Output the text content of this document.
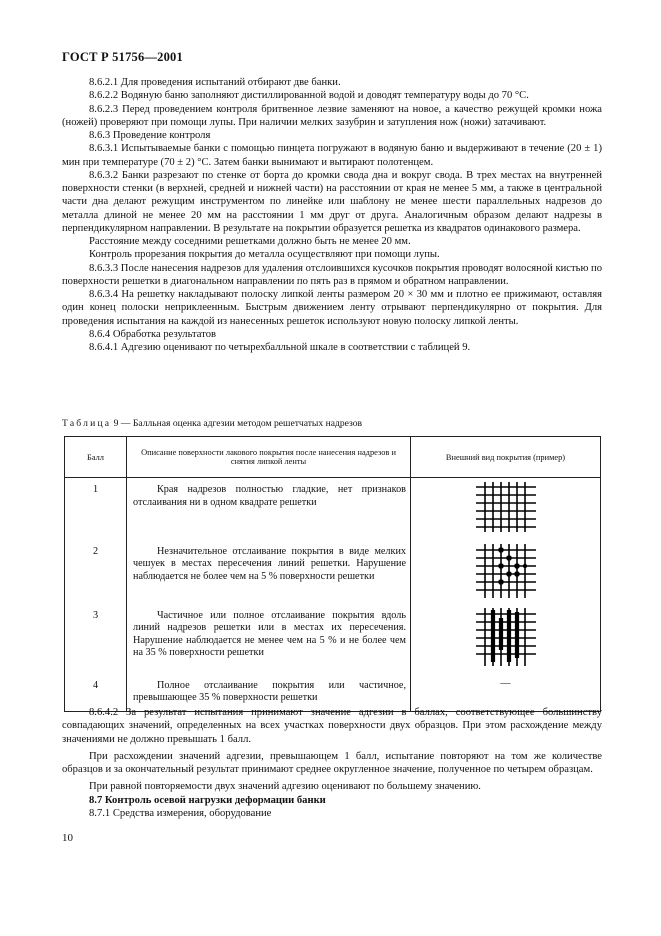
ГОСТ Р 51756—2001

8.6.2.1 Для проведения испытаний отбирают две банки.

8.6.2.2 Водяную баню заполняют дистиллированной водой и доводят температуру воды до 70 °С.

8.6.2.3 Перед проведением контроля бритвенное лезвие заменяют на новое, а качество режущей кромки ножа (ножей) проверяют при помощи лупы. При наличии мелких зазубрин и затупления нож (ножи) затачивают.

8.6.3 Проведение контроля

8.6.3.1 Испытываемые банки с помощью пинцета погружают в водяную баню и выдерживают в течение (20 ± 1) мин при температуре (70 ± 2) °С. Затем банки вынимают и вытирают полотенцем.

8.6.3.2 Банки разрезают по стенке от борта до кромки свода дна и вокруг свода. В трех местах на внутренней поверхности стенки (в верхней, средней и нижней части) на расстоянии от края не менее 5 мм, а также в центральной части дна делают режущим инструментом по линейке или шаблону не менее шести параллельных надрезов до металла длиной не менее 20 мм на расстоянии 1 мм друг от друга. Аналогичным образом делают надрезы в перпендикулярном направлении. В результате на покрытии образуется решетка из квадратов одинакового размера.

Расстояние между соседними решетками должно быть не менее 20 мм.

Контроль прорезания покрытия до металла осуществляют при помощи лупы.

8.6.3.3 После нанесения надрезов для удаления отслоившихся кусочков покрытия проводят волосяной кистью по поверхности решетки в диагональном направлении по пять раз в прямом и обратном направлении.

8.6.3.4 На решетку накладывают полоску липкой ленты размером 20 × 30 мм и плотно ее прижимают, оставляя один конец полоски неприклеенным. Быстрым движением ленту отрывают перпендикулярно от покрытия. Для проведения испытания на каждой из нанесенных решеток используют новую полоску липкой ленты.

8.6.4 Обработка результатов

8.6.4.1 Адгезию оценивают по четырехбалльной шкале в соответствии с таблицей 9.

Таблица 9 — Балльная оценка адгезии методом решетчатых надрезов
Балл	Описание поверхности лакового покрытия после нанесения надрезов и снятия липкой ленты	Внешний вид покрытия (пример)
1	Края надрезов полностью гладкие, нет признаков отслаивания ни в одном квадрате решетки	

2	Незначительное отслаивание покрытия в виде мелких чешуек в местах пересечения линий решетки. Нарушение наблюдается не более чем на 5 % поверхности решетки	

3	Частичное или полное отслаивание покрытия вдоль линий надрезов решетки или в местах их пересечения. Нарушение наблюдается не менее чем на 5 % и не более чем на 35 % поверхности решетки	

4	Полное отслаивание покрытия или частичное, превышающее 35 % поверхности решетки	—

8.6.4.2 За результат испытания принимают значение адгезии в баллах, соответствующее большинству совпадающих значений, определенных на всех участках поверхности двух образцов. При этом расхождение между значениями не должно превышать 1 балл.

При расхождении значений адгезии, превышающем 1 балл, испытание повторяют на том же количестве образцов и за окончательный результат принимают среднее округленное значение, полученное по четырем образцам.

При равной повторяемости двух значений адгезию оценивают по большему значению.

8.7 Контроль осевой нагрузки деформации банки

8.7.1 Средства измерения, оборудование

10
